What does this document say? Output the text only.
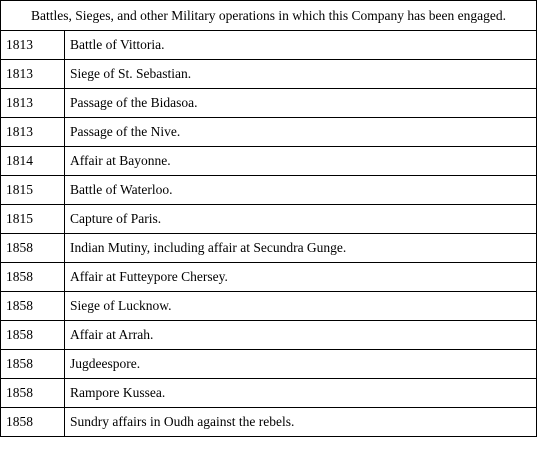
Battles, Sieges, and other Military operations in which this Company has been engaged.	
1813	Battle of Vittoria.
1813	Siege of St. Sebastian.
1813	Passage of the Bidasoa.
1813	Passage of the Nive.
1814	Affair at Bayonne.
1815	Battle of Waterloo.
1815	Capture of Paris.
1858	Indian Mutiny, including affair at Secundra Gunge.
1858	Affair at Futteypore Chersey.
1858	Siege of Lucknow.
1858	Affair at Arrah.
1858	Jugdeespore.
1858	Rampore Kussea.
1858	Sundry affairs in Oudh against the rebels.
